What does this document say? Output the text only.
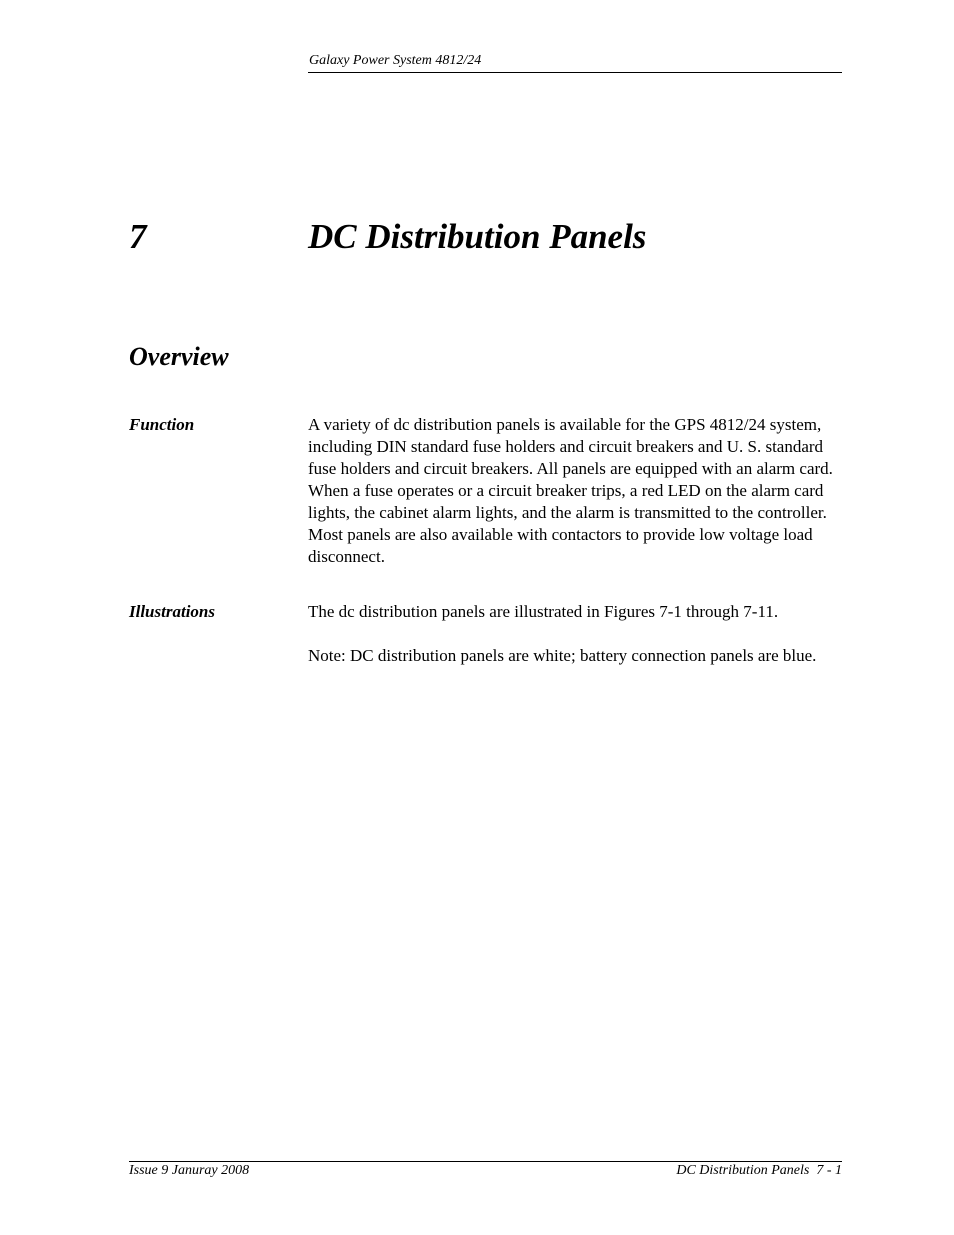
Galaxy Power System 4812/24
7	DC Distribution Panels
Overview
Function	A variety of dc distribution panels is available for the GPS 4812/24 system, including DIN standard fuse holders and circuit breakers and U. S. standard fuse holders and circuit breakers. All panels are equipped with an alarm card. When a fuse operates or a circuit breaker trips, a red LED on the alarm card lights, the cabinet alarm lights, and the alarm is transmitted to the controller. Most panels are also available with contactors to provide low voltage load disconnect.
Illustrations	The dc distribution panels are illustrated in Figures 7-1 through 7-11.
Note: DC distribution panels are white; battery connection panels are blue.
Issue 9 Januray 2008	DC Distribution Panels  7 - 1
